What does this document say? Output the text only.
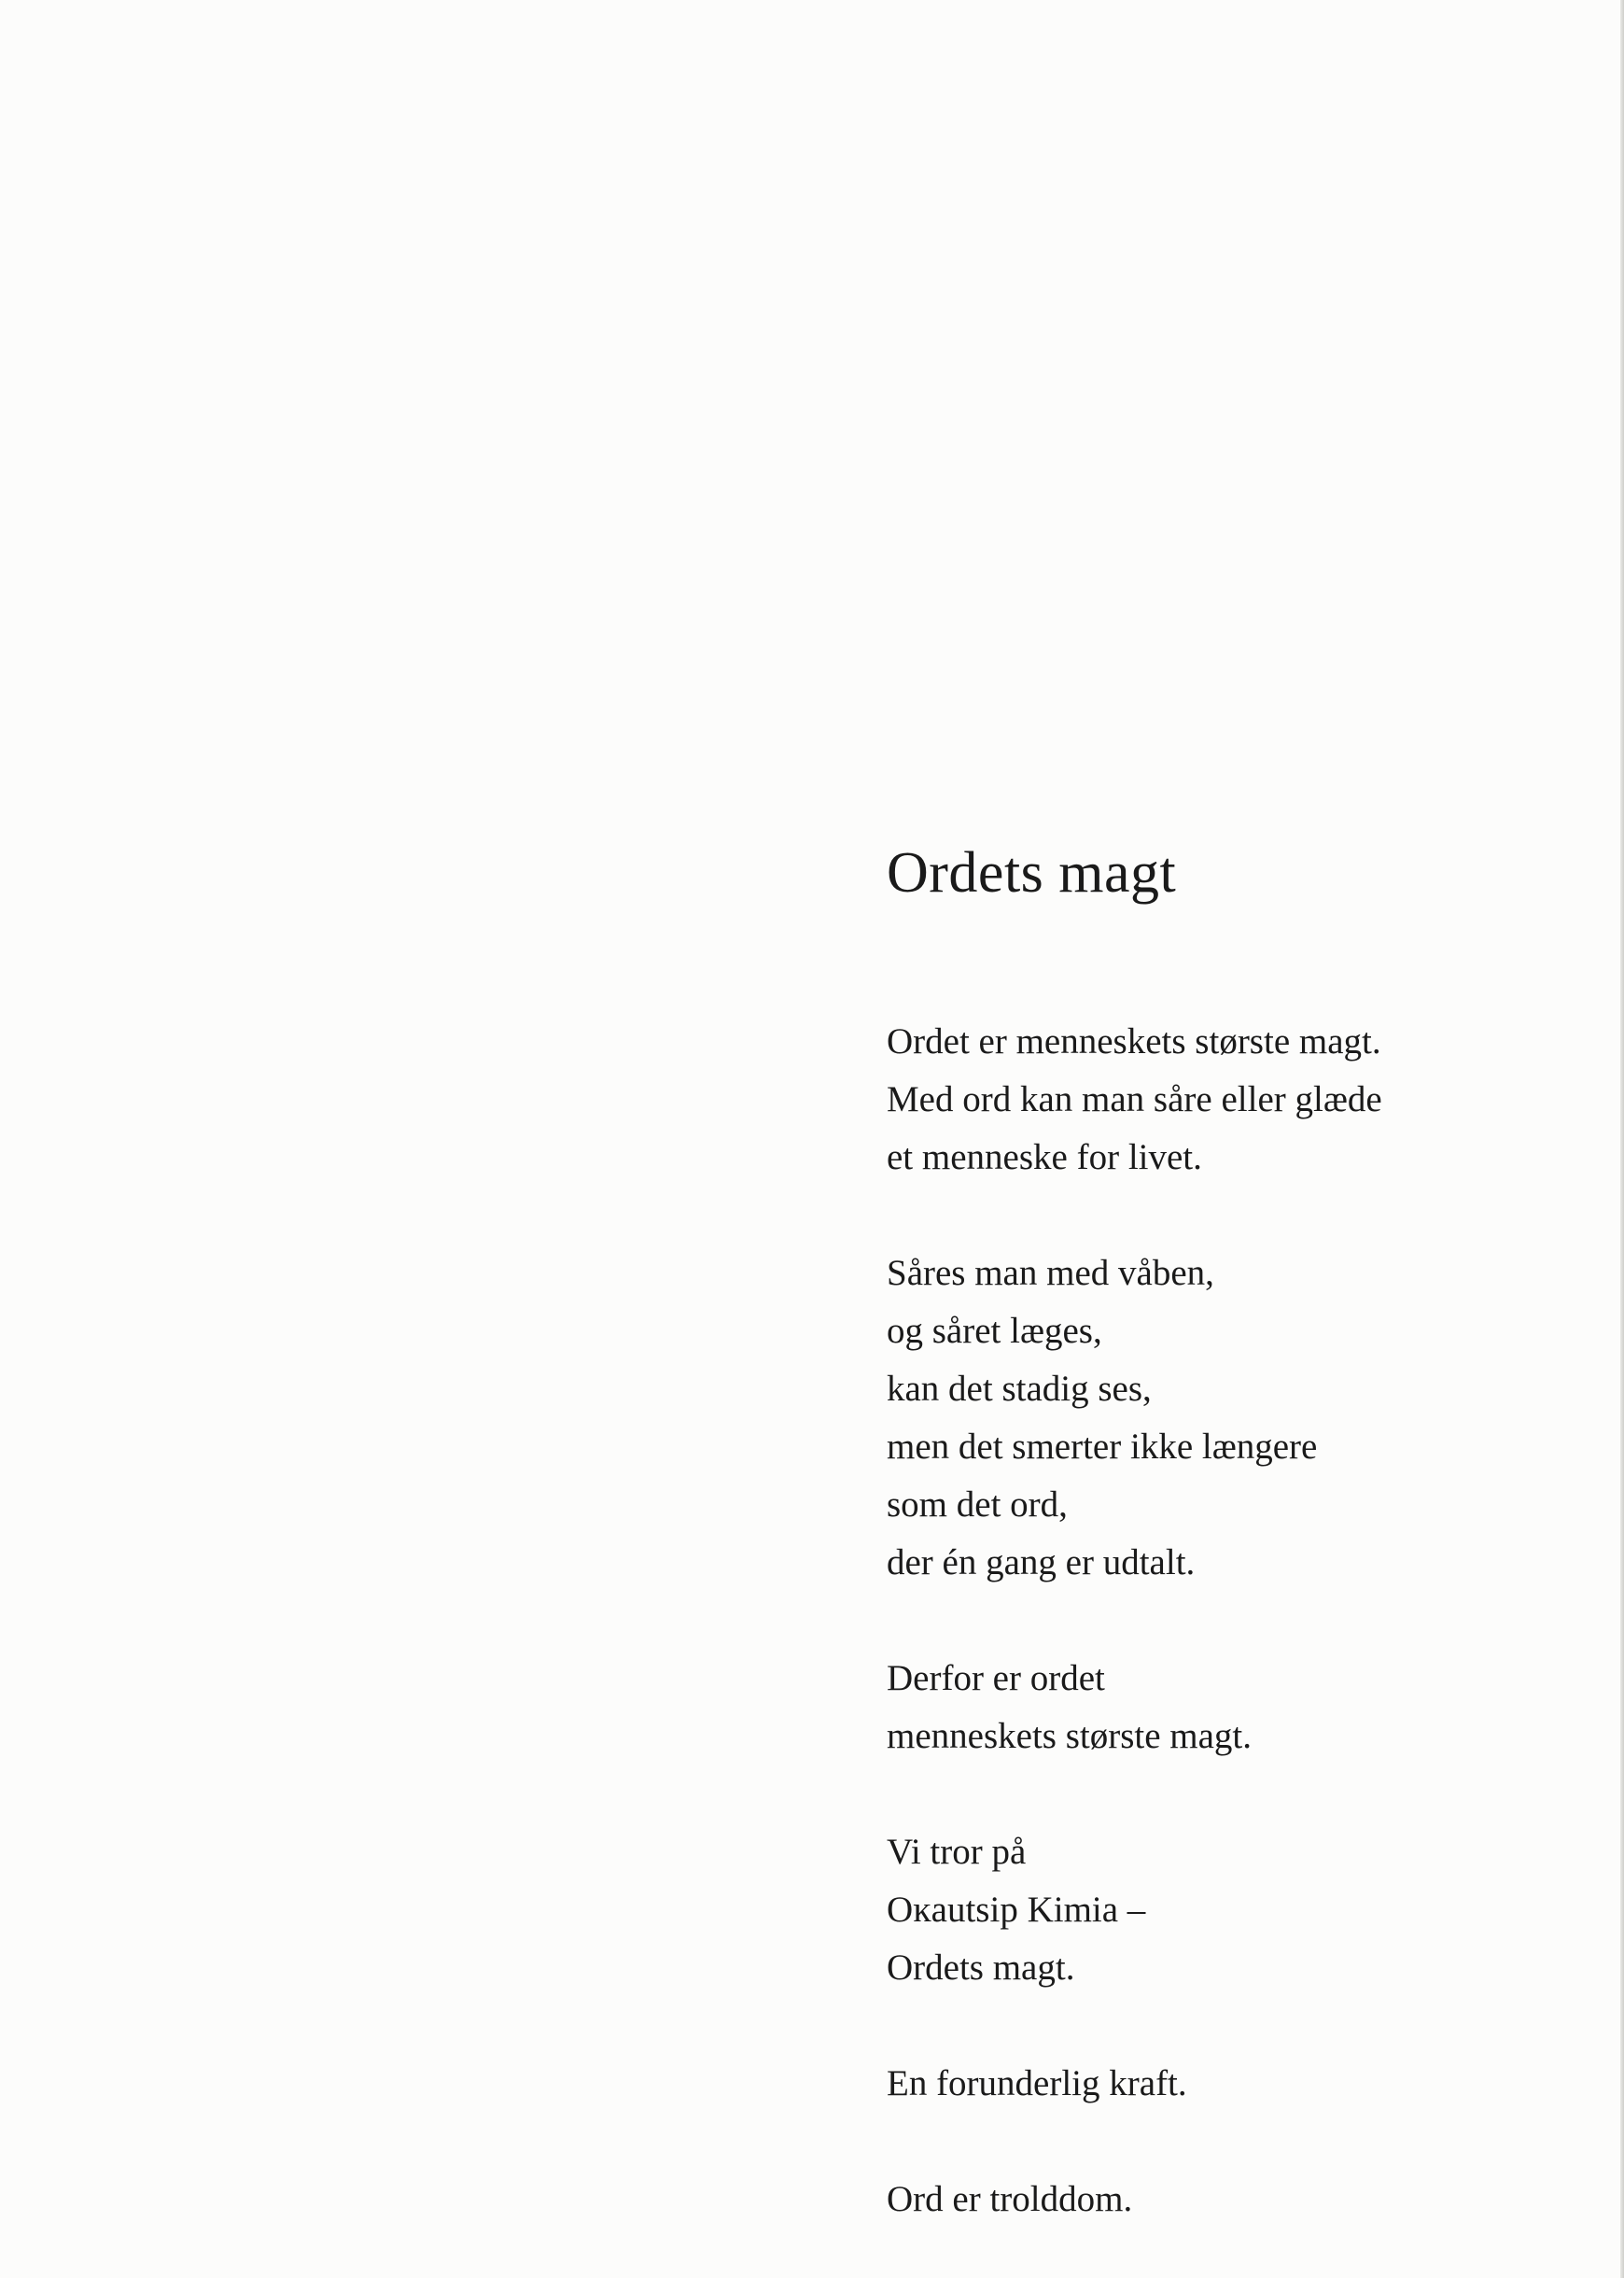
Ordets magt
Ordet er menneskets største magt.
Med ord kan man såre eller glæde
et menneske for livet.
Såres man med våben,
og såret læges,
kan det stadig ses,
men det smerter ikke længere
som det ord,
der én gang er udtalt.
Derfor er ordet
menneskets største magt.
Vi tror på
Oĸautsip Kimia –
Ordets magt.
En forunderlig kraft.
Ord er trolddom.
